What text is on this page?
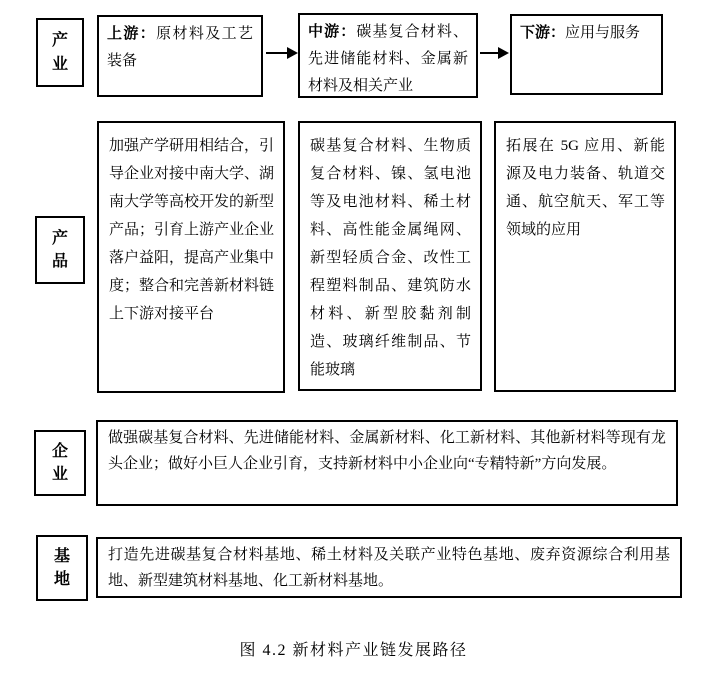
产业
上游：原材料及工艺装备
中游：碳基复合材料、先进储能材料、金属新材料及相关产业
下游：应用与服务
产品
加强产学研用相结合，引导企业对接中南大学、湖南大学等高校开发的新型产品；引育上游产业企业落户益阳，提高产业集中度；整合和完善新材料链上下游对接平台
碳基复合材料、生物质复合材料、镍、氢电池等及电池材料、稀土材料、高性能金属绳网、新型轻质合金、改性工程塑料制品、建筑防水材料、新型胶黏剂制造、玻璃纤维制品、节能玻璃
拓展在 5G 应用、新能源及电力装备、轨道交通、航空航天、军工等领域的应用
企业
做强碳基复合材料、先进储能材料、金属新材料、化工新材料、其他新材料等现有龙头企业；做好小巨人企业引育，支持新材料中小企业向“专精特新”方向发展。
基地
打造先进碳基复合材料基地、稀土材料及关联产业特色基地、废弃资源综合利用基地、新型建筑材料基地、化工新材料基地。
图 4.2 新材料产业链发展路径
